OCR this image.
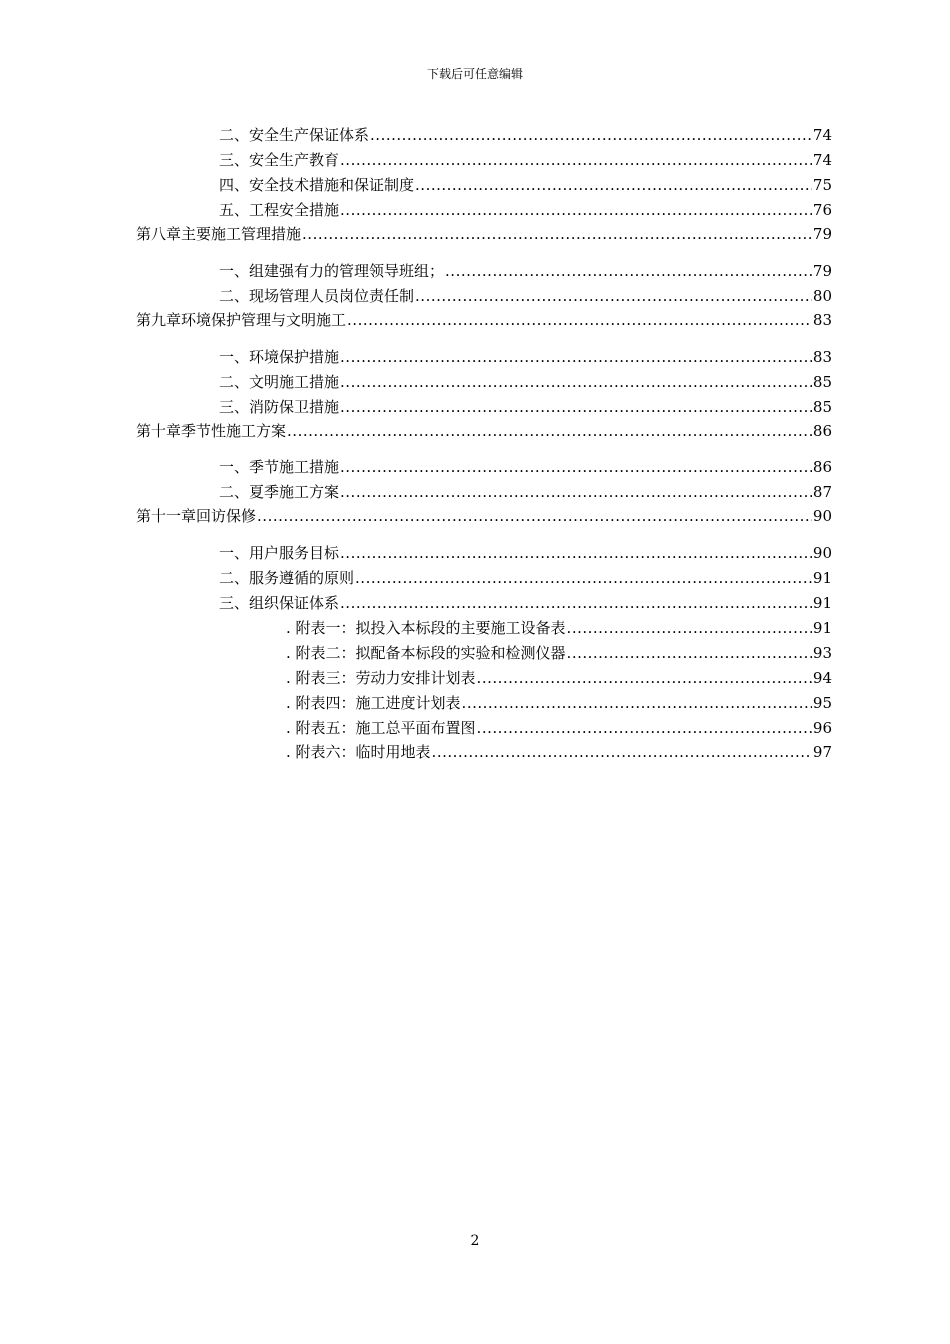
下载后可任意编辑
二、 安全生产保证体系 .....	74
三、 安全生产教育 .....	74
四、 安全技术措施和保证制度 .....	75
五、 工程安全措施 .....	76
第八章 主要施工管理措施 .....	79
一、 组建强有力的管理领导班组； .....	79
二、 现场管理人员岗位责任制 .....	80
第九章 环境保护管理与文明施工 .....	83
一、 环境保护措施 .....	83
二、 文明施工措施 .....	85
三、 消防保卫措施 .....	85
第十章 季节性施工方案 .....	86
一、季节施工措施 .....	86
二、夏季施工方案 .....	87
第十一章 回访保修 .....	90
一、 用户服务目标 .....	90
二、 服务遵循的原则 .....	91
三、 组织保证体系 .....	91
. 附表一：拟投入本标段的主要施工设备表 .....	91
. 附表二：拟配备本标段的实验和检测仪器 .....	93
. 附表三：劳动力安排计划表 .....	94
. 附表四：施工进度计划表 .....	95
. 附表五：施工总平面布置图 .....	96
. 附表六：临时用地表 .....	97
2
